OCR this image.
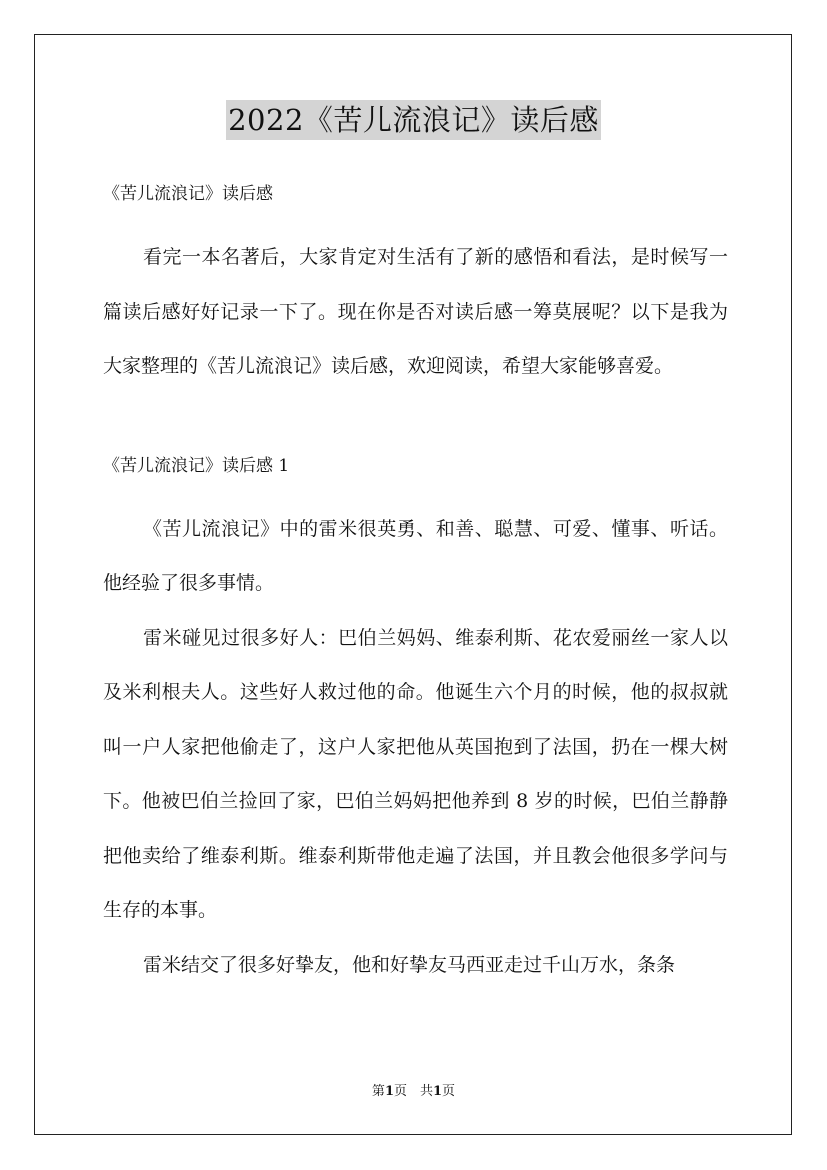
2022《苦儿流浪记》读后感

《苦儿流浪记》读后感

看完一本名著后，大家肯定对生活有了新的感悟和看法，是时候写一篇读后感好好记录一下了。现在你是否对读后感一筹莫展呢？以下是我为大家整理的《苦儿流浪记》读后感，欢迎阅读，希望大家能够喜爱。

《苦儿流浪记》读后感 1

《苦儿流浪记》中的雷米很英勇、和善、聪慧、可爱、懂事、听话。他经验了很多事情。

雷米碰见过很多好人：巴伯兰妈妈、维泰利斯、花农爱丽丝一家人以及米利根夫人。这些好人救过他的命。他诞生六个月的时候，他的叔叔就叫一户人家把他偷走了，这户人家把他从英国抱到了法国，扔在一棵大树下。他被巴伯兰捡回了家，巴伯兰妈妈把他养到 8 岁的时候，巴伯兰静静把他卖给了维泰利斯。维泰利斯带他走遍了法国，并且教会他很多学问与生存的本事。

雷米结交了很多好挚友，他和好挚友马西亚走过千山万水，条条

第1页　共1页
